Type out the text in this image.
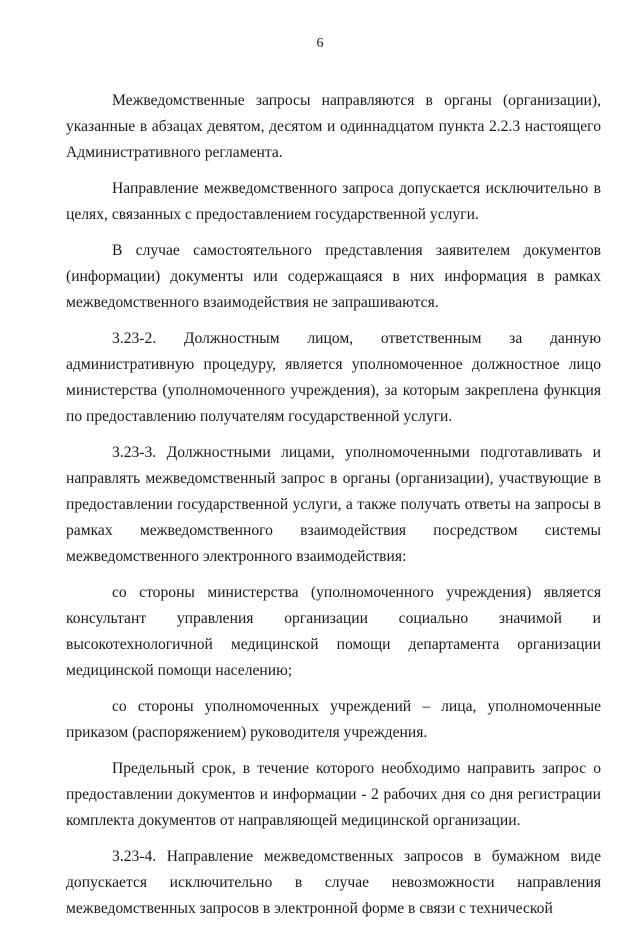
6

Межведомственные запросы направляются в органы (организации), указанные в абзацах девятом, десятом и одиннадцатом пункта 2.2.3 настоящего Административного регламента.

Направление межведомственного запроса допускается исключительно в целях, связанных с предоставлением государственной услуги.

В случае самостоятельного представления заявителем документов (информации) документы или содержащаяся в них информация в рамках межведомственного взаимодействия не запрашиваются.

3.23-2. Должностным лицом, ответственным за данную административную процедуру, является уполномоченное должностное лицо министерства (уполномоченного учреждения), за которым закреплена функция по предоставлению получателям государственной услуги.

3.23-3. Должностными лицами, уполномоченными подготавливать и направлять межведомственный запрос в органы (организации), участвующие в предоставлении государственной услуги, а также получать ответы на запросы в рамках межведомственного взаимодействия посредством системы межведомственного электронного взаимодействия:

со стороны министерства (уполномоченного учреждения) является консультант управления организации социально значимой и высокотехнологичной медицинской помощи департамента организации медицинской помощи населению;

со стороны уполномоченных учреждений – лица, уполномоченные приказом (распоряжением) руководителя учреждения.

Предельный срок, в течение которого необходимо направить запрос о предоставлении документов и информации - 2 рабочих дня со дня регистрации комплекта документов от направляющей медицинской организации.

3.23-4. Направление межведомственных запросов в бумажном виде допускается исключительно в случае невозможности направления межведомственных запросов в электронной форме в связи с технической
